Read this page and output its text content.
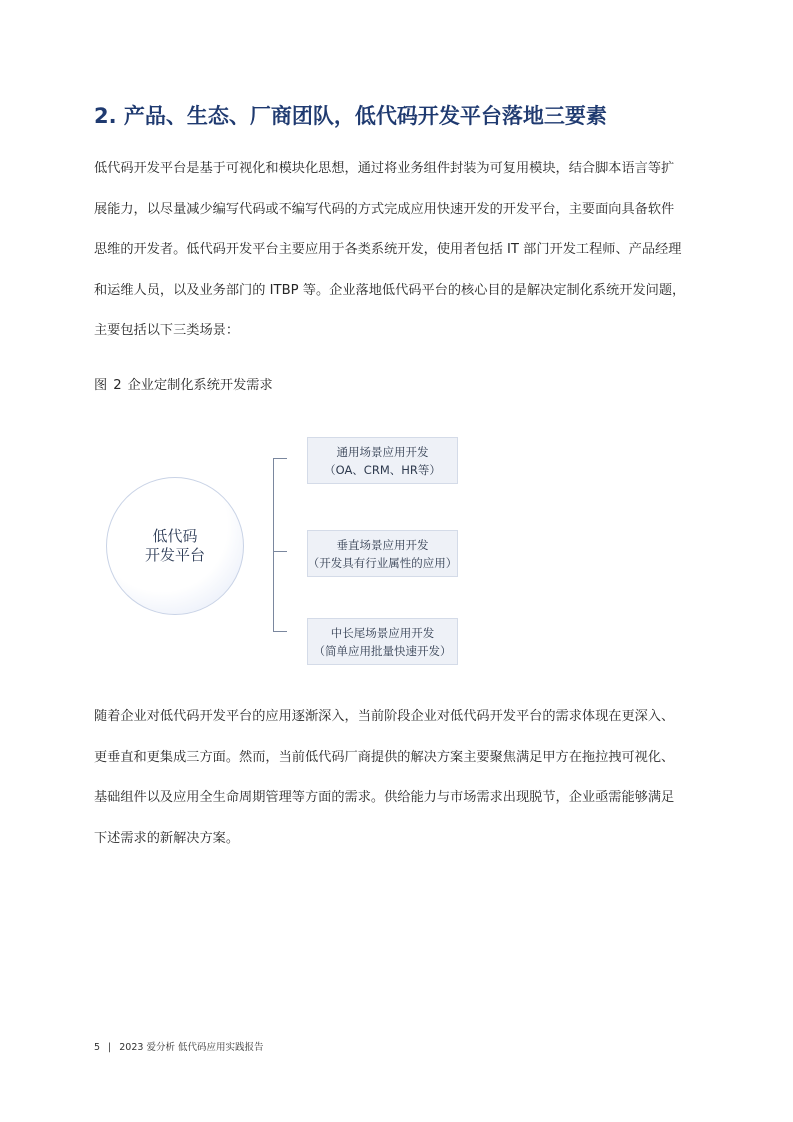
2. 产品、生态、厂商团队，低代码开发平台落地三要素
低代码开发平台是基于可视化和模块化思想，通过将业务组件封装为可复用模块，结合脚本语言等扩
展能力，以尽量减少编写代码或不编写代码的方式完成应用快速开发的开发平台，主要面向具备软件
思维的开发者。低代码开发平台主要应用于各类系统开发，使用者包括 IT 部门开发工程师、产品经理
和运维人员，以及业务部门的 ITBP 等。企业落地低代码平台的核心目的是解决定制化系统开发问题，
主要包括以下三类场景：
图 2 企业定制化系统开发需求
低代码
开发平台
通用场景应用开发
（OA、CRM、HR等）
垂直场景应用开发
（开发具有行业属性的应用）
中长尾场景应用开发
（简单应用批量快速开发）
随着企业对低代码开发平台的应用逐渐深入，当前阶段企业对低代码开发平台的需求体现在更深入、
更垂直和更集成三方面。然而，当前低代码厂商提供的解决方案主要聚焦满足甲方在拖拉拽可视化、
基础组件以及应用全生命周期管理等方面的需求。供给能力与市场需求出现脱节，企业亟需能够满足
下述需求的新解决方案。
5 | 2023 爱分析 低代码应用实践报告
